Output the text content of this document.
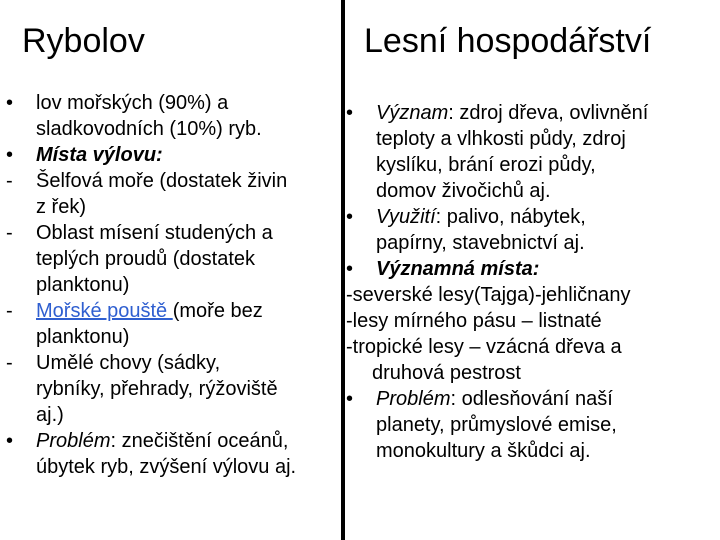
Rybolov	Lesní hospodářství
•	lov mořských (90%) a
sladkovodních (10%) ryb.
•	Místa výlovu:
-	Šelfová moře (dostatek živin
z řek)
-	Oblast mísení studených a
teplých proudů (dostatek
planktonu)
-	Mořské pouště (moře bez
planktonu)
-	Umělé chovy (sádky,
rybníky, přehrady, rýžoviště
aj.)
•	Problém: znečištění oceánů,
úbytek ryb, zvýšení výlovu aj.
•	Význam: zdroj dřeva, ovlivnění
teploty a vlhkosti půdy, zdroj
kyslíku, brání erozi půdy,
domov živočichů aj.
•	Využití: palivo, nábytek,
papírny, stavebnictví aj.
•	Významná místa:
-severské lesy(Tajga)-jehličnany
-lesy mírného pásu – listnaté
-tropické lesy – vzácná dřeva a
druhová pestrost
•	Problém: odlesňování naší
planety, průmyslové emise,
monokultury a škůdci aj.
